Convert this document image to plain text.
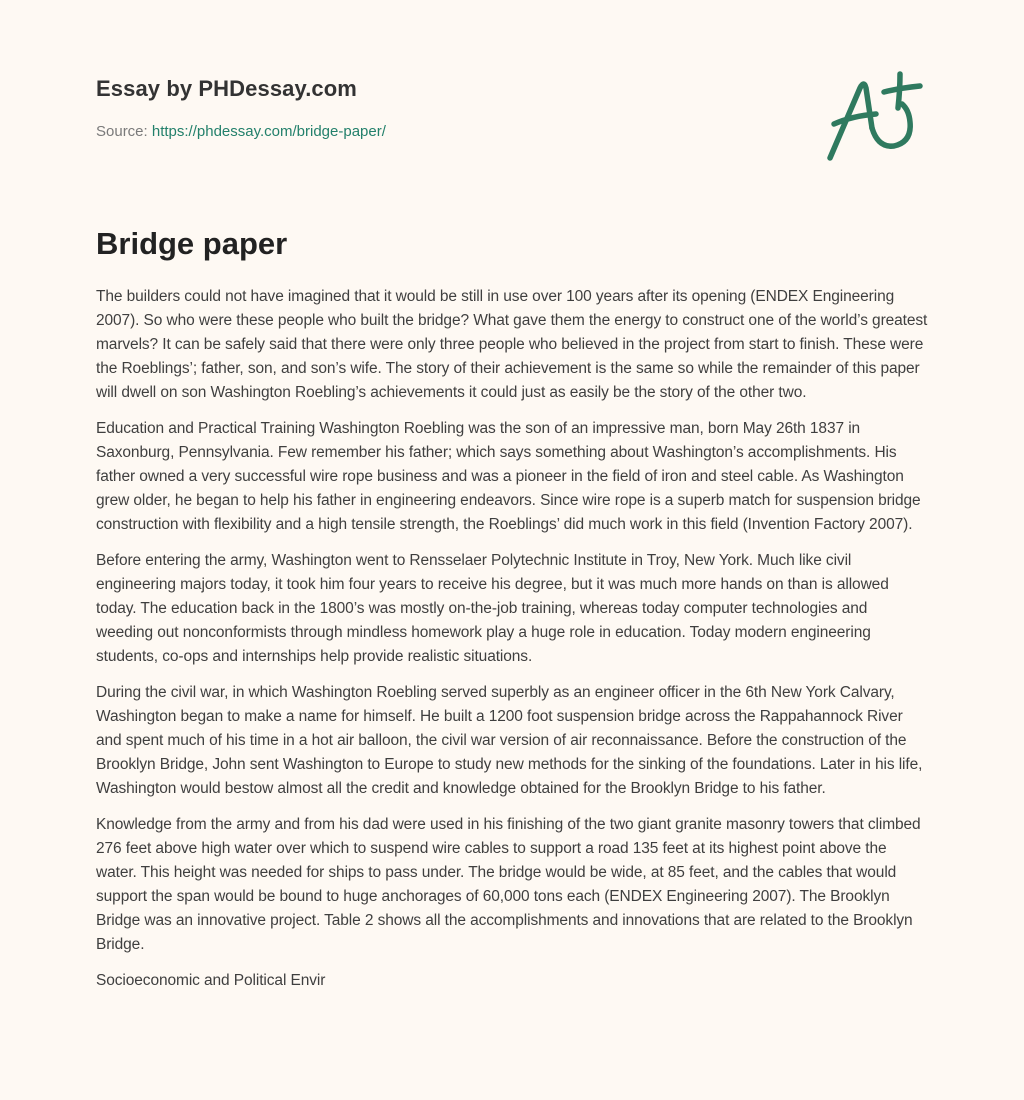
Essay by PHDessay.com
Source: https://phdessay.com/bridge-paper/
Bridge paper

The builders could not have imagined that it would be still in use over 100 years after its opening (ENDEX Engineering 2007). So who were these people who built the bridge? What gave them the energy to construct one of the world’s greatest marvels? It can be safely said that there were only three people who believed in the project from start to finish. These were the Roeblings’; father, son, and son’s wife. The story of their achievement is the same so while the remainder of this paper will dwell on son Washington Roebling’s achievements it could just as easily be the story of the other two.

Education and Practical Training Washington Roebling was the son of an impressive man, born May 26th 1837 in Saxonburg, Pennsylvania. Few remember his father; which says something about Washington’s accomplishments. His father owned a very successful wire rope business and was a pioneer in the field of iron and steel cable. As Washington grew older, he began to help his father in engineering endeavors. Since wire rope is a superb match for suspension bridge construction with flexibility and a high tensile strength, the Roeblings’ did much work in this field (Invention Factory 2007).

Before entering the army, Washington went to Rensselaer Polytechnic Institute in Troy, New York. Much like civil engineering majors today, it took him four years to receive his degree, but it was much more hands on than is allowed today. The education back in the 1800’s was mostly on-the-job training, whereas today computer technologies and weeding out nonconformists through mindless homework play a huge role in education. Today modern engineering students, co-ops and internships help provide realistic situations.

During the civil war, in which Washington Roebling served superbly as an engineer officer in the 6th New York Calvary, Washington began to make a name for himself. He built a 1200 foot suspension bridge across the Rappahannock River and spent much of his time in a hot air balloon, the civil war version of air reconnaissance. Before the construction of the Brooklyn Bridge, John sent Washington to Europe to study new methods for the sinking of the foundations. Later in his life, Washington would bestow almost all the credit and knowledge obtained for the Brooklyn Bridge to his father.

Knowledge from the army and from his dad were used in his finishing of the two giant granite masonry towers that climbed 276 feet above high water over which to suspend wire cables to support a road 135 feet at its highest point above the water. This height was needed for ships to pass under. The bridge would be wide, at 85 feet, and the cables that would support the span would be bound to huge anchorages of 60,000 tons each (ENDEX Engineering 2007). The Brooklyn Bridge was an innovative project. Table 2 shows all the accomplishments and innovations that are related to the Brooklyn Bridge.

Socioeconomic and Political Envir
